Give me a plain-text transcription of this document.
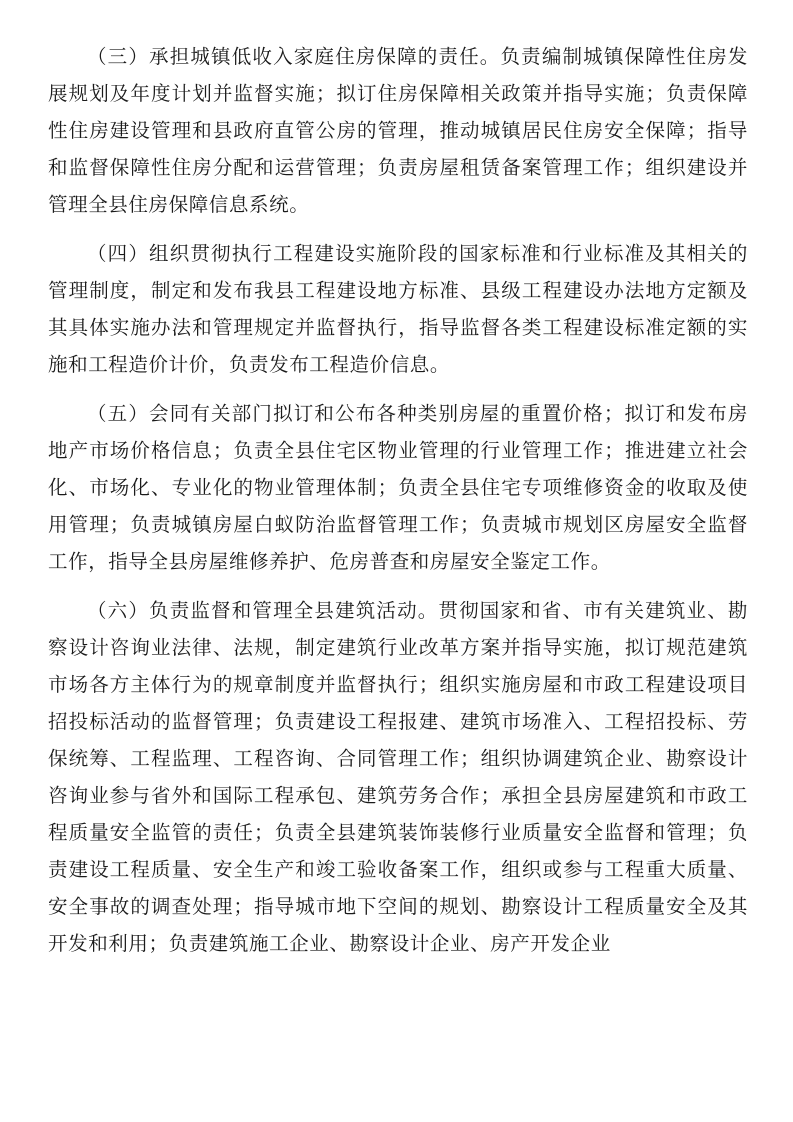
（三）承担城镇低收入家庭住房保障的责任。负责编制城镇保障性住房发展规划及年度计划并监督实施；拟订住房保障相关政策并指导实施；负责保障性住房建设管理和县政府直管公房的管理，推动城镇居民住房安全保障；指导和监督保障性住房分配和运营管理；负责房屋租赁备案管理工作；组织建设并管理全县住房保障信息系统。

（四）组织贯彻执行工程建设实施阶段的国家标准和行业标准及其相关的管理制度，制定和发布我县工程建设地方标准、县级工程建设办法地方定额及其具体实施办法和管理规定并监督执行，指导监督各类工程建设标准定额的实施和工程造价计价，负责发布工程造价信息。

（五）会同有关部门拟订和公布各种类别房屋的重置价格；拟订和发布房地产市场价格信息；负责全县住宅区物业管理的行业管理工作；推进建立社会化、市场化、专业化的物业管理体制；负责全县住宅专项维修资金的收取及使用管理；负责城镇房屋白蚁防治监督管理工作；负责城市规划区房屋安全监督工作，指导全县房屋维修养护、危房普查和房屋安全鉴定工作。

（六）负责监督和管理全县建筑活动。贯彻国家和省、市有关建筑业、勘察设计咨询业法律、法规，制定建筑行业改革方案并指导实施，拟订规范建筑市场各方主体行为的规章制度并监督执行；组织实施房屋和市政工程建设项目招投标活动的监督管理；负责建设工程报建、建筑市场准入、工程招投标、劳保统筹、工程监理、工程咨询、合同管理工作；组织协调建筑企业、勘察设计咨询业参与省外和国际工程承包、建筑劳务合作；承担全县房屋建筑和市政工程质量安全监管的责任；负责全县建筑装饰装修行业质量安全监督和管理；负责建设工程质量、安全生产和竣工验收备案工作，组织或参与工程重大质量、安全事故的调查处理；指导城市地下空间的规划、勘察设计工程质量安全及其开发和利用；负责建筑施工企业、勘察设计企业、房产开发企业
